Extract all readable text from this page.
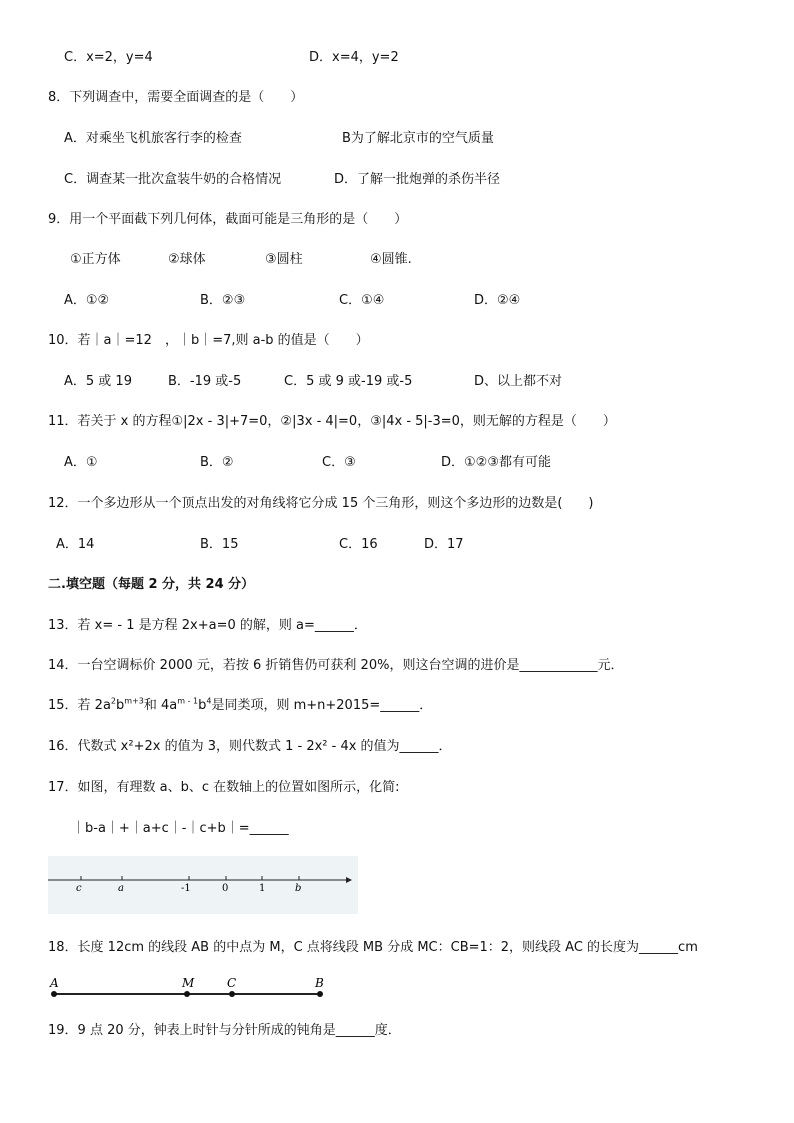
C．x=2，y=4	D．x=4，y=2
8．下列调查中，需要全面调查的是（　　）
A．对乘坐飞机旅客行李的检查	B为了解北京市的空气质量
C．调查某一批次盒装牛奶的合格情况	D．了解一批炮弹的杀伤半径
9．用一个平面截下列几何体，截面可能是三角形的是（　　）
①正方体	②球体	③圆柱	④圆锥.
A．①②	B．②③	C．①④	D．②④
10．若｜a｜=12　，｜b｜=7,则 a-b 的值是（　　）
A．5 或 19	B．-19 或-5	C．5 或 9 或-19 或-5	D、以上都不对
11．若关于 x 的方程①|2x - 3|+7=0，②|3x - 4|=0，③|4x - 5|-3=0，则无解的方程是（　　）
A．①	B．②	C．③	D．①②③都有可能
12．一个多边形从一个顶点出发的对角线将它分成 15 个三角形，则这个多边形的边数是(　　)
A．14	B．15	C．16	D．17
二.填空题（每题 2 分，共 24 分）
13．若 x= - 1 是方程 2x+a=0 的解，则 a=______．
14．一台空调标价 2000 元，若按 6 折销售仍可获利 20%，则这台空调的进价是____________元．
15．若 $2a^2b^{m+3}$和 $4a^{m - 1}b^4$是同类项，则 m+n+2015=______．
16．代数式 x²+2x 的值为 3，则代数式 1 - 2x² - 4x 的值为______．
17．如图，有理数 a、b、c 在数轴上的位置如图所示，化简:
｜b-a｜+｜a+c｜-｜c+b｜=______
c	a	-1	0	1	b
18．长度 12cm 的线段 AB 的中点为 M，C 点将线段 MB 分成 MC：CB=1：2，则线段 AC 的长度为______cm
A	M	C	B
19．9 点 20 分，钟表上时针与分针所成的钝角是______度．
